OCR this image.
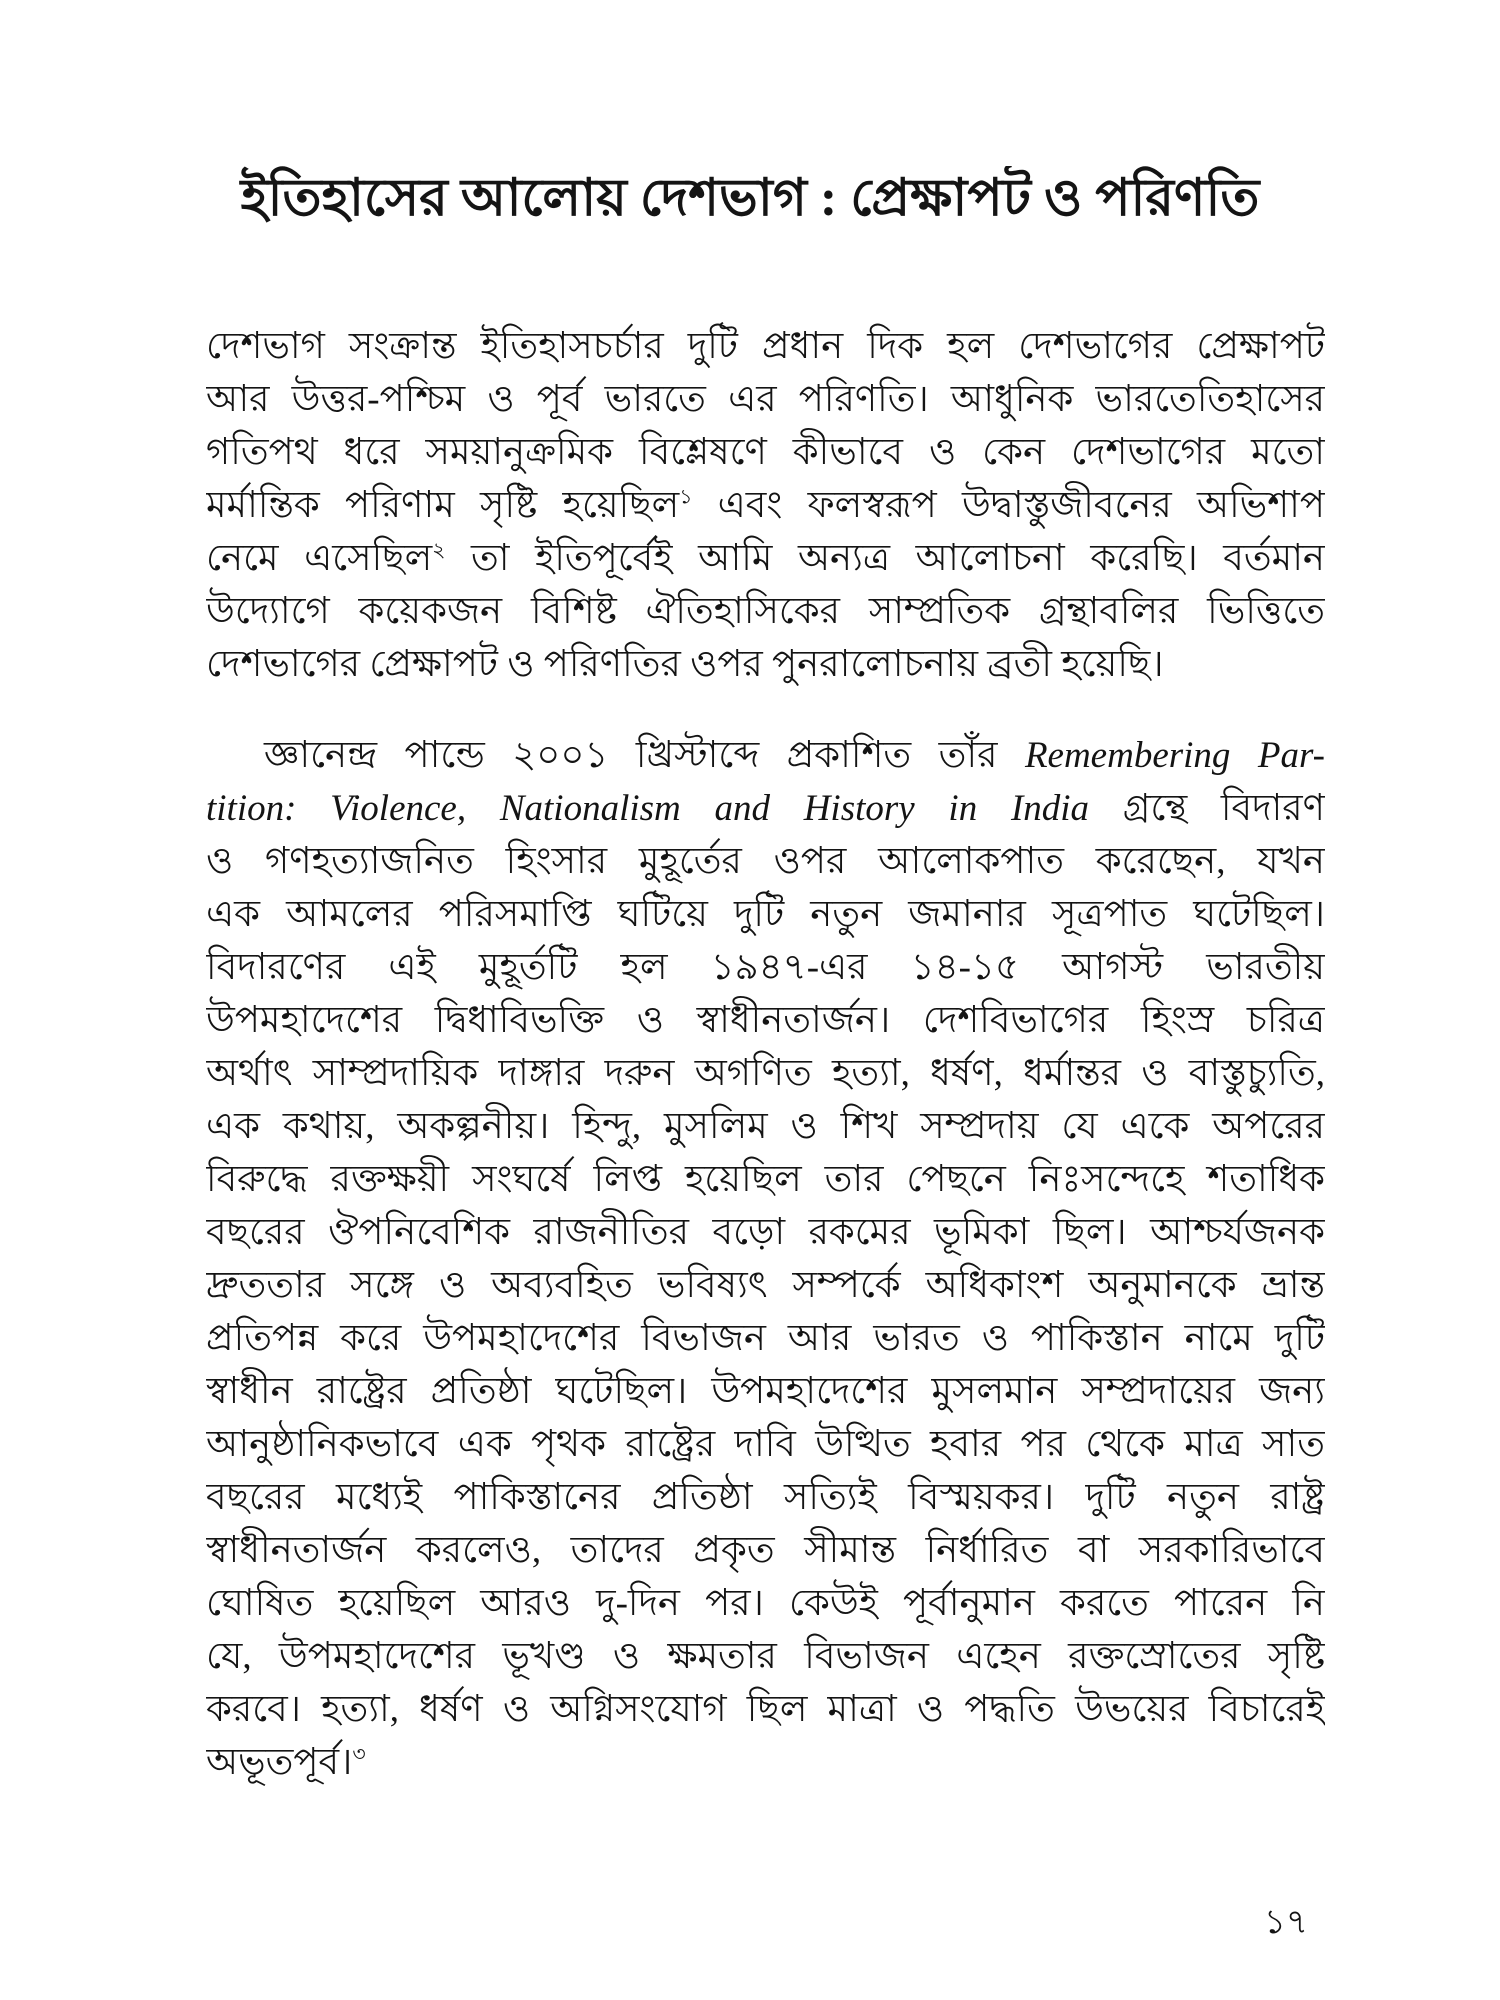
ইতিহাসের আলোয় দেশভাগ : প্রেক্ষাপট ও পরিণতি
দেশভাগ সংক্রান্ত ইতিহাসচর্চার দুটি প্রধান দিক হল দেশভাগের প্রেক্ষাপট
আর উত্তর-পশ্চিম ও পূর্ব ভারতে এর পরিণতি। আধুনিক ভারতেতিহাসের
গতিপথ ধরে সময়ানুক্রমিক বিশ্লেষণে কীভাবে ও কেন দেশভাগের মতো
মর্মান্তিক পরিণাম সৃষ্টি হয়েছিল$^১$ এবং ফলস্বরূপ উদ্বাস্তুজীবনের অভিশাপ
নেমে এসেছিল$^২$ তা ইতিপূর্বেই আমি অন্যত্র আলোচনা করেছি। বর্তমান
উদ্যোগে কয়েকজন বিশিষ্ট ঐতিহাসিকের সাম্প্রতিক গ্রন্থাবলির ভিত্তিতে
দেশভাগের প্রেক্ষাপট ও পরিণতির ওপর পুনরালোচনায় ব্রতী হয়েছি।
জ্ঞানেন্দ্র পান্ডে ২০০১ খ্রিস্টাব্দে প্রকাশিত তাঁর Remembering Par-
tition: Violence, Nationalism and History in India গ্রন্থে বিদারণ
ও গণহত্যাজনিত হিংসার মুহূর্তের ওপর আলোকপাত করেছেন, যখন
এক আমলের পরিসমাপ্তি ঘটিয়ে দুটি নতুন জমানার সূত্রপাত ঘটেছিল।
বিদারণের এই মুহূর্তটি হল ১৯৪৭-এর ১৪-১৫ আগস্ট ভারতীয়
উপমহাদেশের দ্বিধাবিভক্তি ও স্বাধীনতার্জন। দেশবিভাগের হিংস্র চরিত্র
অর্থাৎ সাম্প্রদায়িক দাঙ্গার দরুন অগণিত হত্যা, ধর্ষণ, ধর্মান্তর ও বাস্তুচ্যুতি,
এক কথায়, অকল্পনীয়। হিন্দু, মুসলিম ও শিখ সম্প্রদায় যে একে অপরের
বিরুদ্ধে রক্তক্ষয়ী সংঘর্ষে লিপ্ত হয়েছিল তার পেছনে নিঃসন্দেহে শতাধিক
বছরের ঔপনিবেশিক রাজনীতির বড়ো রকমের ভূমিকা ছিল। আশ্চর্যজনক
দ্রুততার সঙ্গে ও অব্যবহিত ভবিষ্যৎ সম্পর্কে অধিকাংশ অনুমানকে ভ্রান্ত
প্রতিপন্ন করে উপমহাদেশের বিভাজন আর ভারত ও পাকিস্তান নামে দুটি
স্বাধীন রাষ্ট্রের প্রতিষ্ঠা ঘটেছিল। উপমহাদেশের মুসলমান সম্প্রদায়ের জন্য
আনুষ্ঠানিকভাবে এক পৃথক রাষ্ট্রের দাবি উত্থিত হবার পর থেকে মাত্র সাত
বছরের মধ্যেই পাকিস্তানের প্রতিষ্ঠা সত্যিই বিস্ময়কর। দুটি নতুন রাষ্ট্র
স্বাধীনতার্জন করলেও, তাদের প্রকৃত সীমান্ত নির্ধারিত বা সরকারিভাবে
ঘোষিত হয়েছিল আরও দু-দিন পর। কেউই পূর্বানুমান করতে পারেন নি
যে, উপমহাদেশের ভূখণ্ড ও ক্ষমতার বিভাজন এহেন রক্তস্রোতের সৃষ্টি
করবে। হত্যা, ধর্ষণ ও অগ্নিসংযোগ ছিল মাত্রা ও পদ্ধতি উভয়ের বিচারেই
অভূতপূর্ব।$^৩$
১৭
